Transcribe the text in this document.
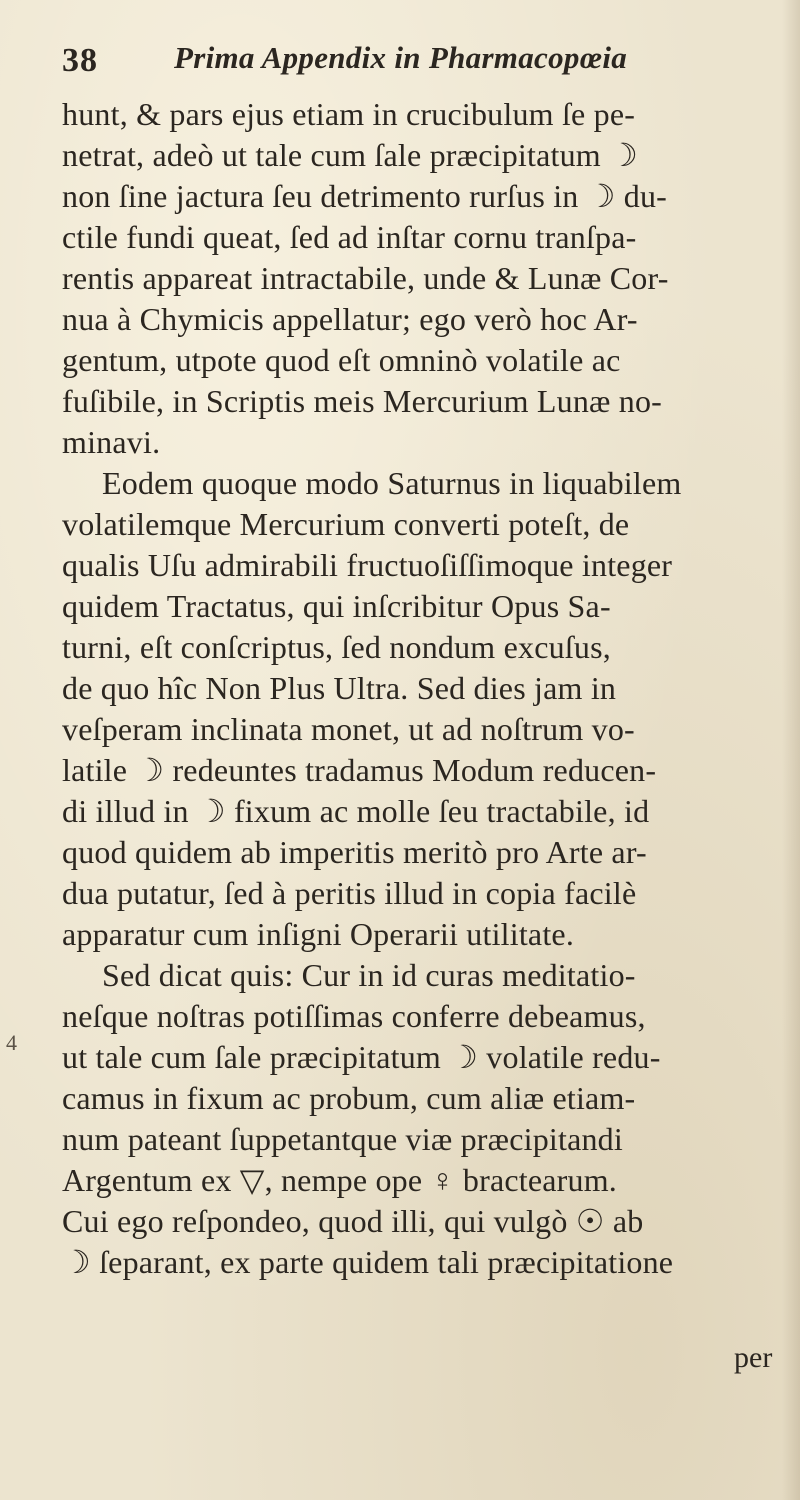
38 Prima Appendix in Pharmacopœia
hunt, & pars ejus etiam in crucibulum ſe pe-
netrat, adeò ut tale cum ſale præcipitatum ☽
non ſine jactura ſeu detrimento rurſus in ☽ du-
ctile fundi queat, ſed ad inſtar cornu tranſpa-
rentis appareat intractabile, unde & Lunæ Cor-
nua à Chymicis appellatur; ego verò hoc Ar-
gentum, utpote quod eſt omninò volatile ac
fuſibile, in Scriptis meis Mercurium Lunæ no-
minavi.
Eodem quoque modo Saturnus in liquabilem
volatilemque Mercurium converti poteſt, de
qualis Uſu admirabili fructuoſiſſimoque integer
quidem Tractatus, qui inſcribitur Opus Sa-
turni, eſt conſcriptus, ſed nondum excuſus,
de quo hîc Non Plus Ultra. Sed dies jam in
veſperam inclinata monet, ut ad noſtrum vo-
latile ☽ redeuntes tradamus Modum reducen-
di illud in ☽ fixum ac molle ſeu tractabile, id
quod quidem ab imperitis meritò pro Arte ar-
dua putatur, ſed à peritis illud in copia facilè
apparatur cum inſigni Operarii utilitate.
Sed dicat quis: Cur in id curas meditatio-
neſque noſtras potiſſimas conferre debeamus,
ut tale cum ſale præcipitatum ☽ volatile redu-
camus in fixum ac probum, cum aliæ etiam-
num pateant ſuppetantque viæ præcipitandi
Argentum ex ▽, nempe ope ♀ bractearum.
Cui ego reſpondeo, quod illi, qui vulgò ☉ ab
☽ ſeparant, ex parte quidem tali præcipitatione
per
4
